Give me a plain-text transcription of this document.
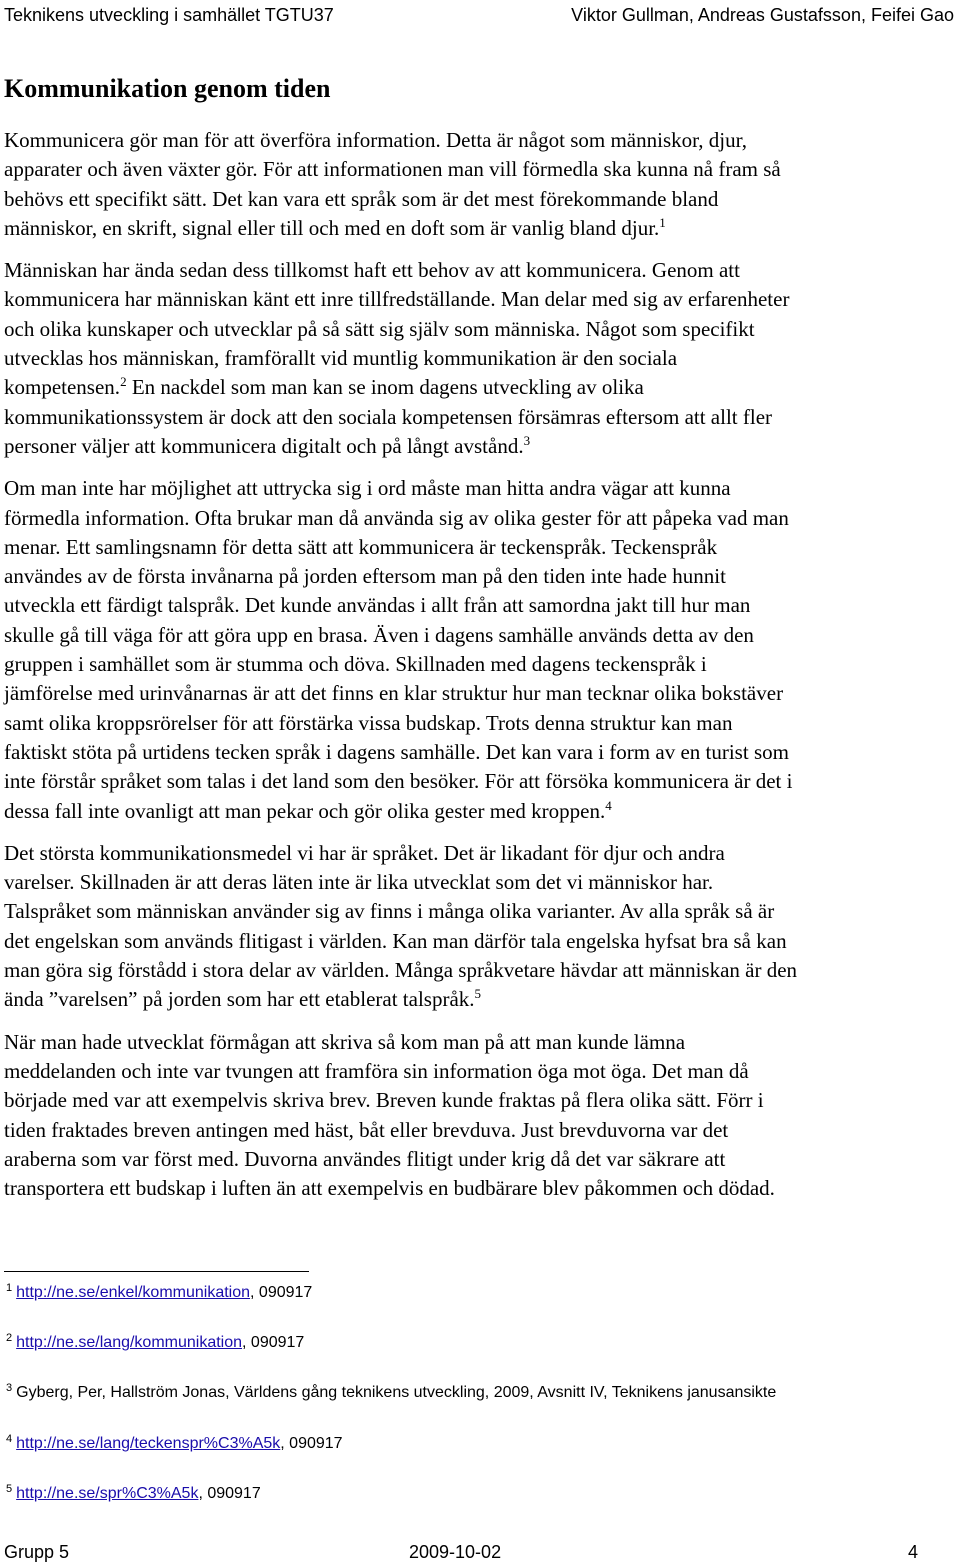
Teknikens utveckling i samhället TGTU37	Viktor Gullman, Andreas Gustafsson, Feifei Gao
Kommunikation genom tiden

Kommunicera gör man för att överföra information. Detta är något som människor, djur,
apparater och även växter gör. För att informationen man vill förmedla ska kunna nå fram så
behövs ett specifikt sätt. Det kan vara ett språk som är det mest förekommande bland
människor, en skrift, signal eller till och med en doft som är vanlig bland djur.$^1$

Människan har ända sedan dess tillkomst haft ett behov av att kommunicera. Genom att
kommunicera har människan känt ett inre tillfredställande. Man delar med sig av erfarenheter
och olika kunskaper och utvecklar på så sätt sig själv som människa. Något som specifikt
utvecklas hos människan, framförallt vid muntlig kommunikation är den sociala
kompetensen.$^2$ En nackdel som man kan se inom dagens utveckling av olika
kommunikationssystem är dock att den sociala kompetensen försämras eftersom att allt fler
personer väljer att kommunicera digitalt och på långt avstånd.$^3$

Om man inte har möjlighet att uttrycka sig i ord måste man hitta andra vägar att kunna
förmedla information. Ofta brukar man då använda sig av olika gester för att påpeka vad man
menar. Ett samlingsnamn för detta sätt att kommunicera är teckenspråk. Teckenspråk
användes av de första invånarna på jorden eftersom man på den tiden inte hade hunnit
utveckla ett färdigt talspråk. Det kunde användas i allt från att samordna jakt till hur man
skulle gå till väga för att göra upp en brasa. Även i dagens samhälle används detta av den
gruppen i samhället som är stumma och döva. Skillnaden med dagens teckenspråk i
jämförelse med urinvånarnas är att det finns en klar struktur hur man tecknar olika bokstäver
samt olika kroppsrörelser för att förstärka vissa budskap. Trots denna struktur kan man
faktiskt stöta på urtidens tecken språk i dagens samhälle. Det kan vara i form av en turist som
inte förstår språket som talas i det land som den besöker. För att försöka kommunicera är det i
dessa fall inte ovanligt att man pekar och gör olika gester med kroppen.$^4$

Det största kommunikationsmedel vi har är språket. Det är likadant för djur och andra
varelser. Skillnaden är att deras läten inte är lika utvecklat som det vi människor har.
Talspråket som människan använder sig av finns i många olika varianter. Av alla språk så är
det engelskan som används flitigast i världen. Kan man därför tala engelska hyfsat bra så kan
man göra sig förstådd i stora delar av världen. Många språkvetare hävdar att människan är den
ända ”varelsen” på jorden som har ett etablerat talspråk.$^5$

När man hade utvecklat förmågan att skriva så kom man på att man kunde lämna
meddelanden och inte var tvungen att framföra sin information öga mot öga. Det man då
började med var att exempelvis skriva brev. Breven kunde fraktas på flera olika sätt. Förr i
tiden fraktades breven antingen med häst, båt eller brevduva. Just brevduvorna var det
araberna som var först med. Duvorna användes flitigt under krig då det var säkrare att
transportera ett budskap i luften än att exempelvis en budbärare blev påkommen och dödad.

$^1$ http://ne.se/enkel/kommunikation, 090917
$^2$ http://ne.se/lang/kommunikation, 090917
$^3$ Gyberg, Per, Hallström Jonas, Världens gång teknikens utveckling, 2009, Avsnitt IV, Teknikens janusansikte
$^4$ http://ne.se/lang/teckenspr%C3%A5k, 090917
$^5$ http://ne.se/spr%C3%A5k, 090917
Grupp 5	2009-10-02	4
